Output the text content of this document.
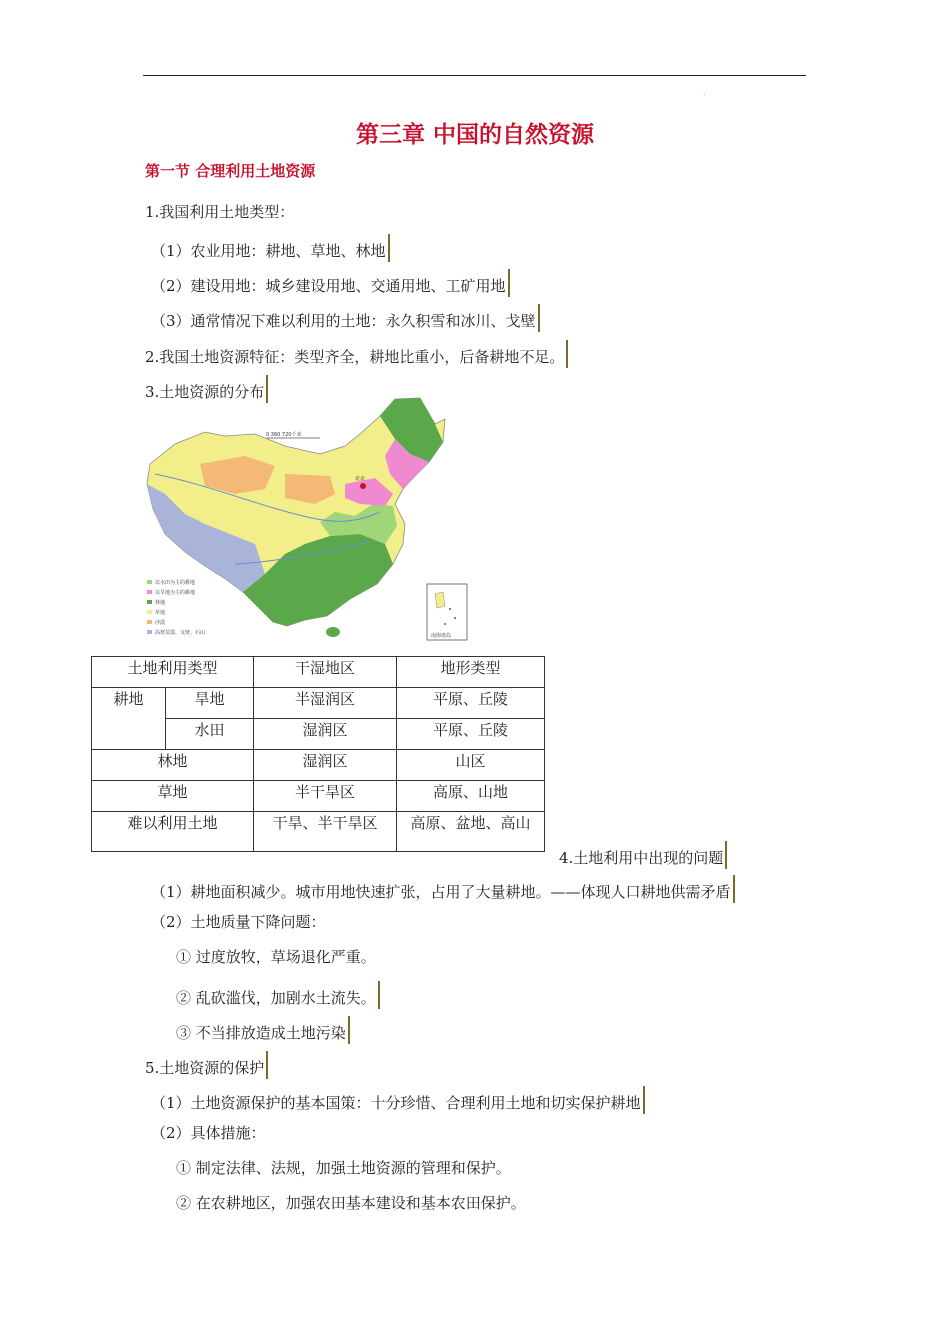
.
第三章 中国的自然资源
第一节 合理利用土地资源
1.我国利用土地类型：
（1）农业用地：耕地、草地、林地
（2）建设用地：城乡建设用地、交通用地、工矿用地
（3）通常情况下难以利用的土地：永久积雪和冰川、戈壁
2.我国土地资源特征：类型齐全，耕地比重小，后备耕地不足。
3.土地资源的分布
0 360 720千米
北京
南海诸岛
以水田为主的耕地
以旱地为主的耕地
林地
草地
沙漠
高寒荒漠、戈壁、石山
土地利用类型		干湿地区	地形类型
耕地	旱地	半湿润区	平原、丘陵
	水田	湿润区	平原、丘陵
林地		湿润区	山区
草地		半干旱区	高原、山地
难以利用土地		干旱、半干旱区	高原、盆地、高山
4.土地利用中出现的问题
（1）耕地面积减少。城市用地快速扩张，占用了大量耕地。——体现人口耕地供需矛盾
（2）土地质量下降问题：
① 过度放牧，草场退化严重。
② 乱砍滥伐，加剧水土流失。
③ 不当排放造成土地污染
5.土地资源的保护
（1）土地资源保护的基本国策：十分珍惜、合理利用土地和切实保护耕地
（2）具体措施：
① 制定法律、法规，加强土地资源的管理和保护。
② 在农耕地区，加强农田基本建设和基本农田保护。
